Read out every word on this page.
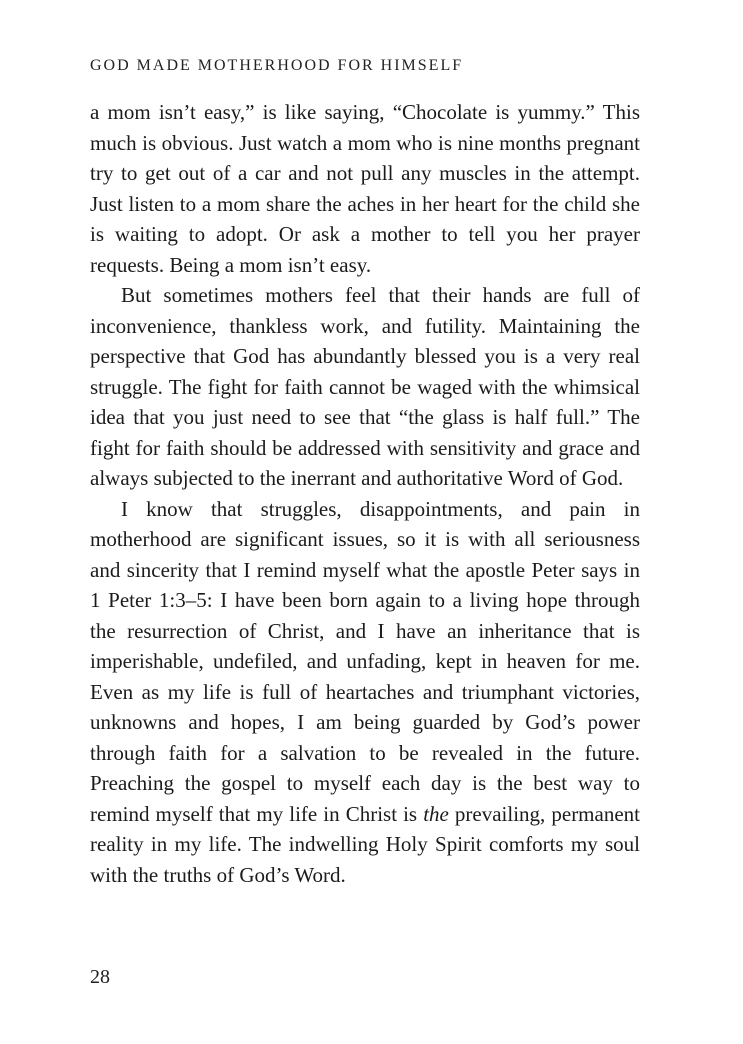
GOD MADE MOTHERHOOD FOR HIMSELF

a mom isn’t easy,” is like saying, “Chocolate is yummy.” This much is obvious. Just watch a mom who is nine months pregnant try to get out of a car and not pull any muscles in the attempt. Just listen to a mom share the aches in her heart for the child she is waiting to adopt. Or ask a mother to tell you her prayer requests. Being a mom isn’t easy.

But sometimes mothers feel that their hands are full of inconvenience, thankless work, and futility. Maintaining the perspective that God has abundantly blessed you is a very real struggle. The fight for faith cannot be waged with the whimsical idea that you just need to see that “the glass is half full.” The fight for faith should be addressed with sensitivity and grace and always subjected to the inerrant and authoritative Word of God.

I know that struggles, disappointments, and pain in motherhood are significant issues, so it is with all seriousness and sincerity that I remind myself what the apostle Peter says in 1 Peter 1:3–5: I have been born again to a living hope through the resurrection of Christ, and I have an inheritance that is imperishable, undefiled, and unfading, kept in heaven for me. Even as my life is full of heartaches and triumphant victories, unknowns and hopes, I am being guarded by God’s power through faith for a salvation to be revealed in the future. Preaching the gospel to myself each day is the best way to remind myself that my life in Christ is the prevailing, permanent reality in my life. The indwelling Holy Spirit comforts my soul with the truths of God’s Word.

28
